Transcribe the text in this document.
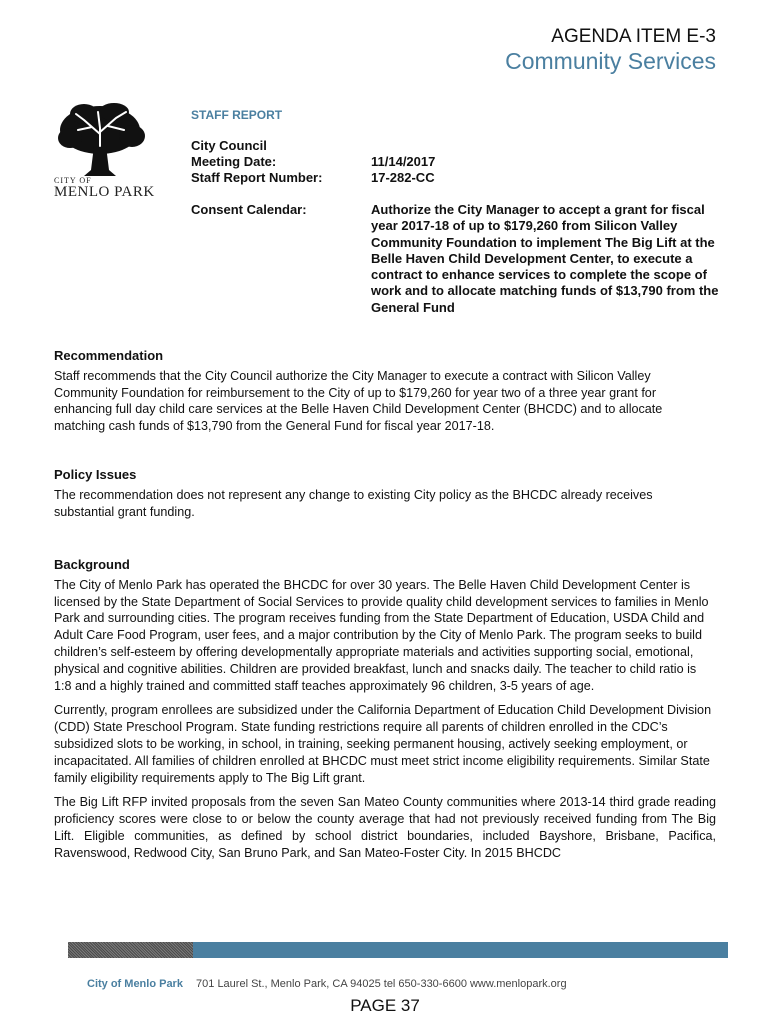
AGENDA ITEM E-3
Community Services
CITY OF
MENLO PARK
STAFF REPORT
City Council
Meeting Date:	11/14/2017
Staff Report Number:	17-282-CC
Consent Calendar:	Authorize the City Manager to accept a grant for fiscal year 2017-18 of up to $179,260 from Silicon Valley Community Foundation to implement The Big Lift at the Belle Haven Child Development Center, to execute a contract to enhance services to complete the scope of work and to allocate matching funds of $13,790 from the General Fund
Recommendation

Staff recommends that the City Council authorize the City Manager to execute a contract with Silicon Valley Community Foundation for reimbursement to the City of up to $179,260 for year two of a three year grant for enhancing full day child care services at the Belle Haven Child Development Center (BHCDC) and to allocate matching cash funds of $13,790 from the General Fund for fiscal year 2017-18.

Policy Issues

The recommendation does not represent any change to existing City policy as the BHCDC already receives substantial grant funding.

Background

The City of Menlo Park has operated the BHCDC for over 30 years. The Belle Haven Child Development Center is licensed by the State Department of Social Services to provide quality child development services to families in Menlo Park and surrounding cities. The program receives funding from the State Department of Education, USDA Child and Adult Care Food Program, user fees, and a major contribution by the City of Menlo Park. The program seeks to build children’s self-esteem by offering developmentally appropriate materials and activities supporting social, emotional, physical and cognitive abilities. Children are provided breakfast, lunch and snacks daily. The teacher to child ratio is 1:8 and a highly trained and committed staff teaches approximately 96 children, 3-5 years of age.

Currently, program enrollees are subsidized under the California Department of Education Child Development Division (CDD) State Preschool Program. State funding restrictions require all parents of children enrolled in the CDC’s subsidized slots to be working, in school, in training, seeking permanent housing, actively seeking employment, or incapacitated. All families of children enrolled at BHCDC must meet strict income eligibility requirements. Similar State family eligibility requirements apply to The Big Lift grant.

The Big Lift RFP invited proposals from the seven San Mateo County communities where 2013-14 third grade reading proficiency scores were close to or below the county average that had not previously received funding from The Big Lift. Eligible communities, as defined by school district boundaries, included Bayshore, Brisbane, Pacifica, Ravenswood, Redwood City, San Bruno Park, and San Mateo-Foster City. In 2015 BHCDC

City of Menlo Park 701 Laurel St., Menlo Park, CA 94025 tel 650-330-6600 www.menlopark.org
PAGE 37
